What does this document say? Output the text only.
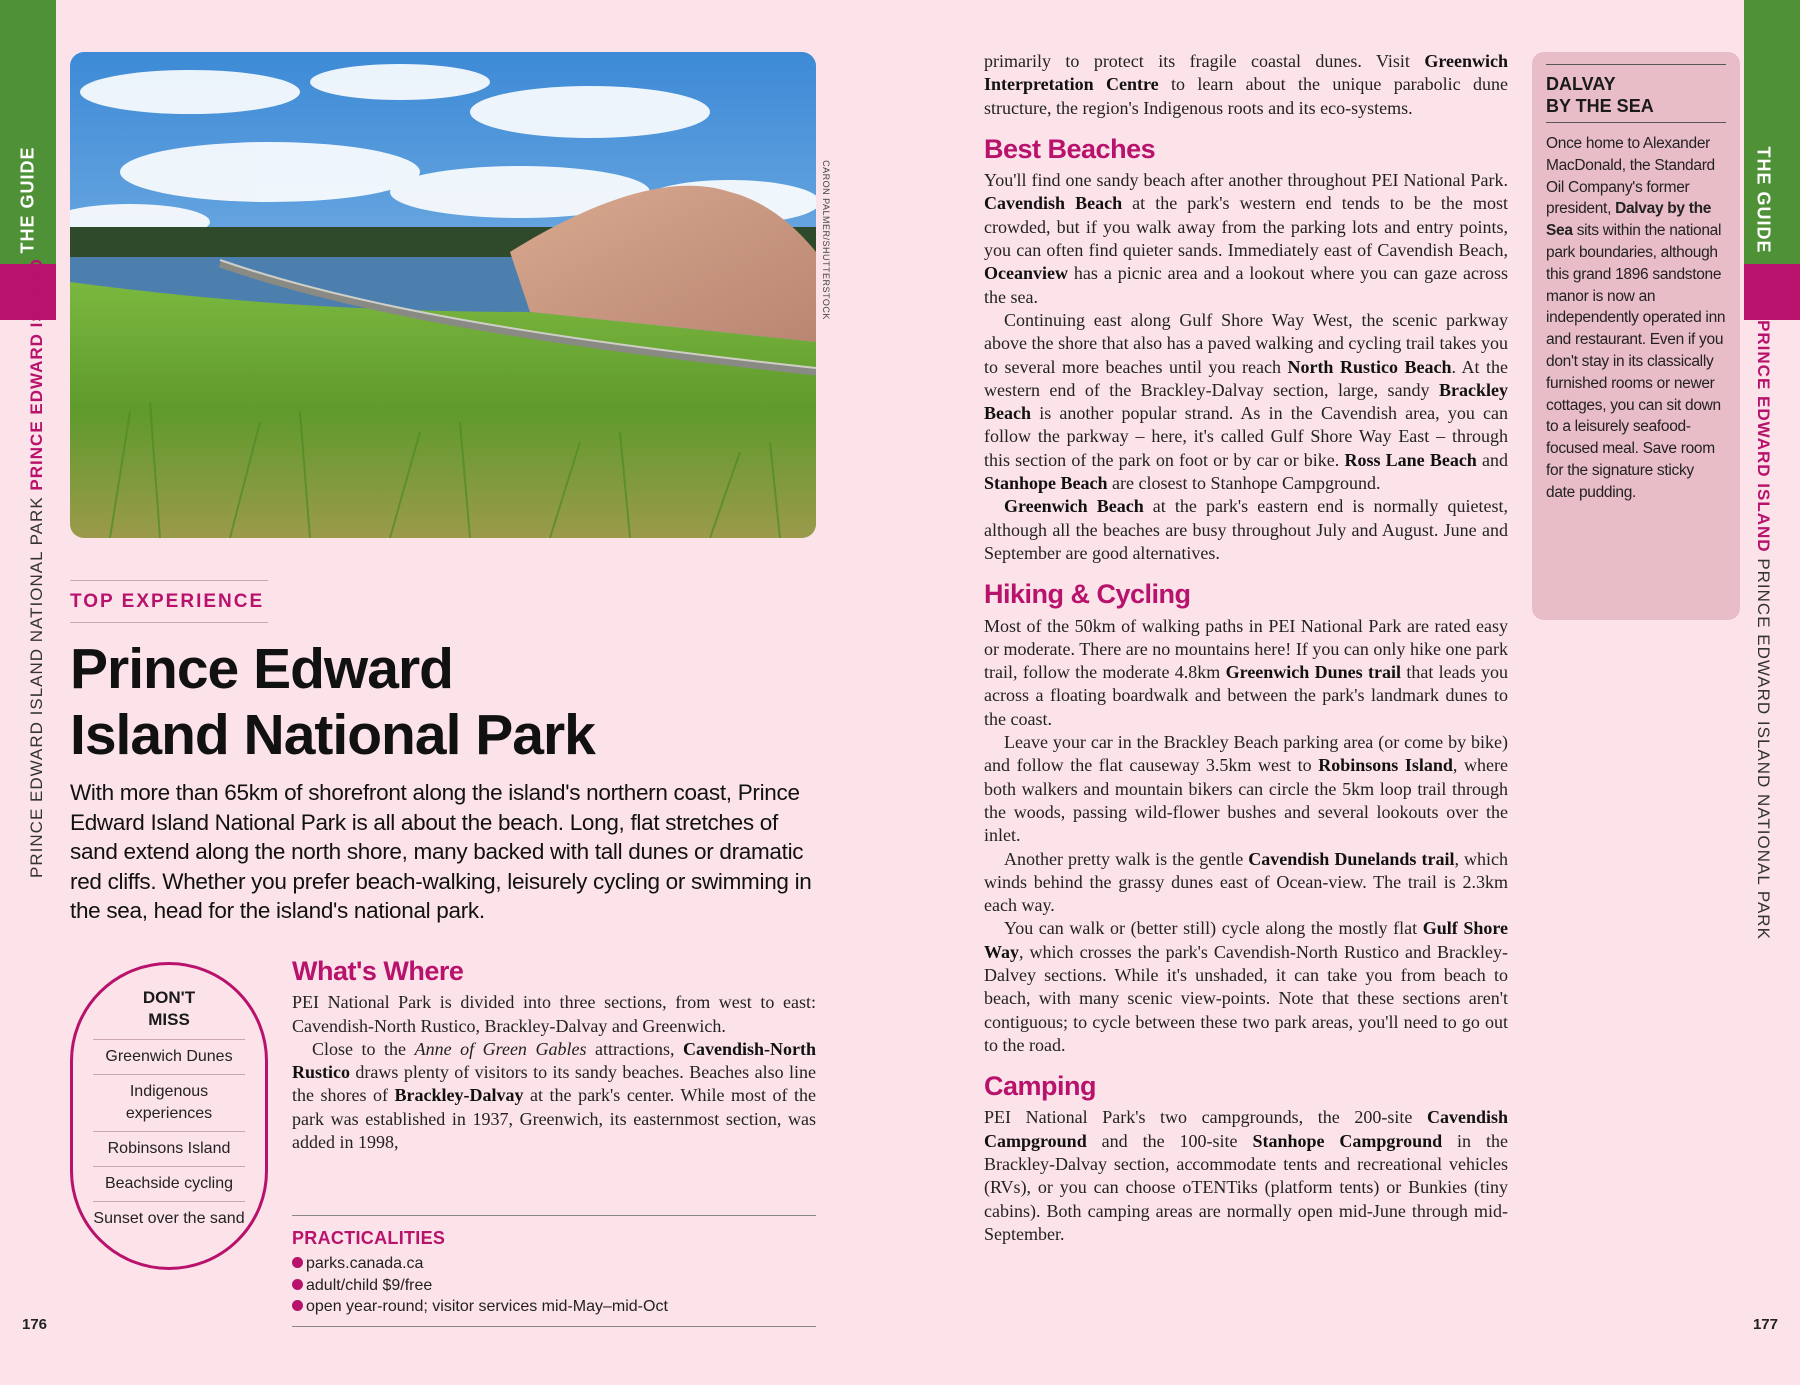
THE GUIDE	THE GUIDE
PRINCE EDWARD ISLAND NATIONAL PARK PRINCE EDWARD ISLAND	PRINCE EDWARD ISLAND PRINCE EDWARD ISLAND NATIONAL PARK
176	177
CARON PALMER/SHUTTERSTOCK
TOP EXPERIENCE
Prince Edward
Island National Park
With more than 65km of shorefront along the island's northern coast, Prince Edward Island National Park is all about the beach. Long, flat stretches of sand extend along the north shore, many backed with tall dunes or dramatic red cliffs. Whether you prefer beach-walking, leisurely cycling or swimming in the sea, head for the island's national park.
DON'T
MISS
Greenwich Dunes
Indigenous experiences
Robinsons Island
Beachside cycling
Sunset over the sand
What's Where

PEI National Park is divided into three sections, from west to east: Cavendish-North Rustico, Brackley-Dalvay and Greenwich.

Close to the Anne of Green Gables attractions, Cavendish-North Rustico draws plenty of visitors to its sandy beaches. Beaches also line the shores of Brackley-Dalvay at the park's center. While most of the park was established in 1937, Greenwich, its easternmost section, was added in 1998,

PRACTICALITIES
parks.canada.ca
adult/child $9/free
open year-round; visitor services mid-May–mid-Oct

primarily to protect its fragile coastal dunes. Visit Greenwich Interpretation Centre to learn about the unique parabolic dune structure, the region's Indigenous roots and its eco-systems.

Best Beaches

You'll find one sandy beach after another throughout PEI National Park. Cavendish Beach at the park's western end tends to be the most crowded, but if you walk away from the parking lots and entry points, you can often find quieter sands. Immediately east of Cavendish Beach, Oceanview has a picnic area and a lookout where you can gaze across the sea.

Continuing east along Gulf Shore Way West, the scenic parkway above the shore that also has a paved walking and cycling trail takes you to several more beaches until you reach North Rustico Beach. At the western end of the Brackley-Dalvay section, large, sandy Brackley Beach is another popular strand. As in the Cavendish area, you can follow the parkway – here, it's called Gulf Shore Way East – through this section of the park on foot or by car or bike. Ross Lane Beach and Stanhope Beach are closest to Stanhope Campground.

Greenwich Beach at the park's eastern end is normally quietest, although all the beaches are busy throughout July and August. June and September are good alternatives.

Hiking & Cycling

Most of the 50km of walking paths in PEI National Park are rated easy or moderate. There are no mountains here! If you can only hike one park trail, follow the moderate 4.8km Greenwich Dunes trail that leads you across a floating boardwalk and between the park's landmark dunes to the coast.

Leave your car in the Brackley Beach parking area (or come by bike) and follow the flat causeway 3.5km west to Robinsons Island, where both walkers and mountain bikers can circle the 5km loop trail through the woods, passing wild-flower bushes and several lookouts over the inlet.

Another pretty walk is the gentle Cavendish Dunelands trail, which winds behind the grassy dunes east of Ocean-view. The trail is 2.3km each way.

You can walk or (better still) cycle along the mostly flat Gulf Shore Way, which crosses the park's Cavendish-North Rustico and Brackley-Dalvey sections. While it's unshaded, it can take you from beach to beach, with many scenic view-points. Note that these sections aren't contiguous; to cycle between these two park areas, you'll need to go out to the road.

Camping

PEI National Park's two campgrounds, the 200-site Cavendish Campground and the 100-site Stanhope Campground in the Brackley-Dalvay section, accommodate tents and recreational vehicles (RVs), or you can choose oTENTiks (platform tents) or Bunkies (tiny cabins). Both camping areas are normally open mid-June through mid-September.

DALVAY
BY THE SEA
Once home to Alexander MacDonald, the Standard Oil Company's former president, Dalvay by the Sea sits within the national park boundaries, although this grand 1896 sandstone manor is now an independently operated inn and restaurant. Even if you don't stay in its classically furnished rooms or newer cottages, you can sit down to a leisurely seafood-focused meal. Save room for the signature sticky date pudding.
